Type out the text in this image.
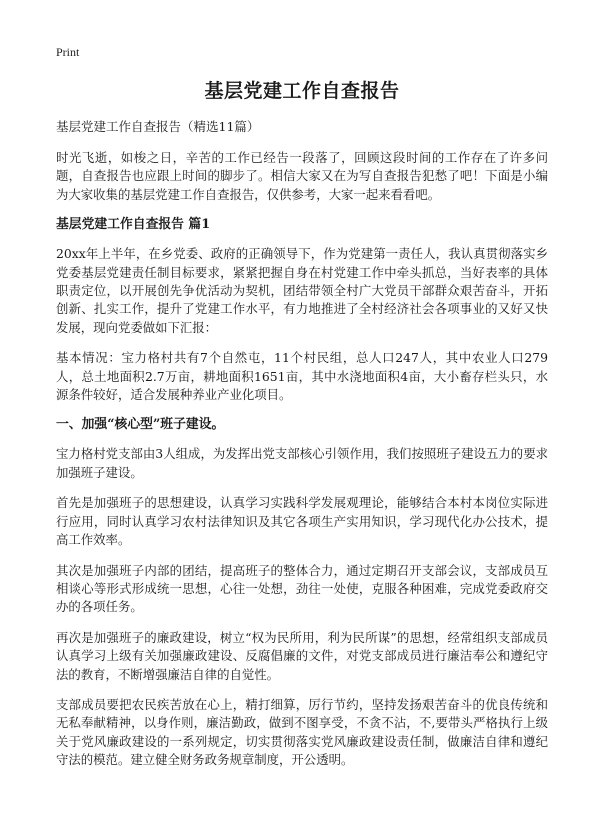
Print
基层党建工作自查报告
基层党建工作自查报告（精选11篇）

时光飞逝，如梭之日，辛苦的工作已经告一段落了，回顾这段时间的工作存在了许多问题，自查报告也应跟上时间的脚步了。相信大家又在为写自查报告犯愁了吧！下面是小编为大家收集的基层党建工作自查报告，仅供参考，大家一起来看看吧。

基层党建工作自查报告 篇1

20xx年上半年，在乡党委、政府的正确领导下，作为党建第一责任人，我认真贯彻落实乡党委基层党建责任制目标要求，紧紧把握自身在村党建工作中牵头抓总，当好表率的具体职责定位，以开展创先争优活动为契机，团结带领全村广大党员干部群众艰苦奋斗，开拓创新、扎实工作，提升了党建工作水平，有力地推进了全村经济社会各项事业的又好又快发展，现向党委做如下汇报：

基本情况：宝力格村共有7个自然屯，11个村民组，总人口247人，其中农业人口279人，总土地面积2.7万亩，耕地面积1651亩，其中水浇地面积4亩，大小畜存栏头只，水源条件较好，适合发展种养业产业化项目。

一、加强“核心型”班子建设。

宝力格村党支部由3人组成，为发挥出党支部核心引领作用，我们按照班子建设五力的要求加强班子建设。

首先是加强班子的思想建设，认真学习实践科学发展观理论，能够结合本村本岗位实际进行应用，同时认真学习农村法律知识及其它各项生产实用知识，学习现代化办公技术，提高工作效率。

其次是加强班子内部的团结，提高班子的整体合力，通过定期召开支部会议，支部成员互相谈心等形式形成统一思想，心往一处想，劲往一处使，克服各种困难，完成党委政府交办的各项任务。

再次是加强班子的廉政建设，树立“权为民所用，利为民所谋”的思想，经常组织支部成员认真学习上级有关加强廉政建设、反腐倡廉的文件，对党支部成员进行廉洁奉公和遵纪守法的教育，不断增强廉洁自律的自觉性。

支部成员要把农民疾苦放在心上，精打细算，厉行节约，坚持发扬艰苦奋斗的优良传统和无私奉献精神，以身作则，廉洁勤政，做到不图享受，不贪不沾，不,要带头严格执行上级关于党风廉政建设的一系列规定，切实贯彻落实党风廉政建设责任制，做廉洁自律和遵纪守法的模范。建立健全财务政务规章制度，开公透明。
